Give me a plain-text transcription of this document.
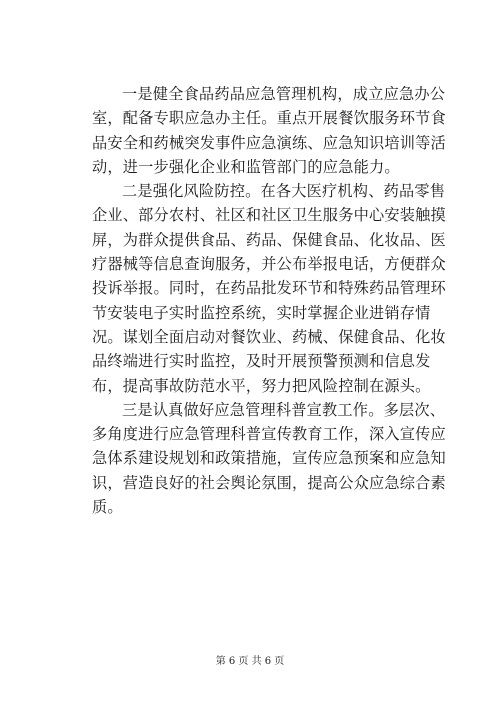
一是健全食品药品应急管理机构，成立应急办公室，配备专职应急办主任。重点开展餐饮服务环节食品安全和药械突发事件应急演练、应急知识培训等活动，进一步强化企业和监管部门的应急能力。

二是强化风险防控。在各大医疗机构、药品零售企业、部分农村、社区和社区卫生服务中心安装触摸屏，为群众提供食品、药品、保健食品、化妆品、医疗器械等信息查询服务，并公布举报电话，方便群众投诉举报。同时，在药品批发环节和特殊药品管理环节安装电子实时监控系统，实时掌握企业进销存情况。谋划全面启动对餐饮业、药械、保健食品、化妆品终端进行实时监控，及时开展预警预测和信息发布，提高事故防范水平，努力把风险控制在源头。

三是认真做好应急管理科普宣教工作。多层次、多角度进行应急管理科普宣传教育工作，深入宣传应急体系建设规划和政策措施，宣传应急预案和应急知识，营造良好的社会舆论氛围，提高公众应急综合素质。

第 6 页 共 6 页
